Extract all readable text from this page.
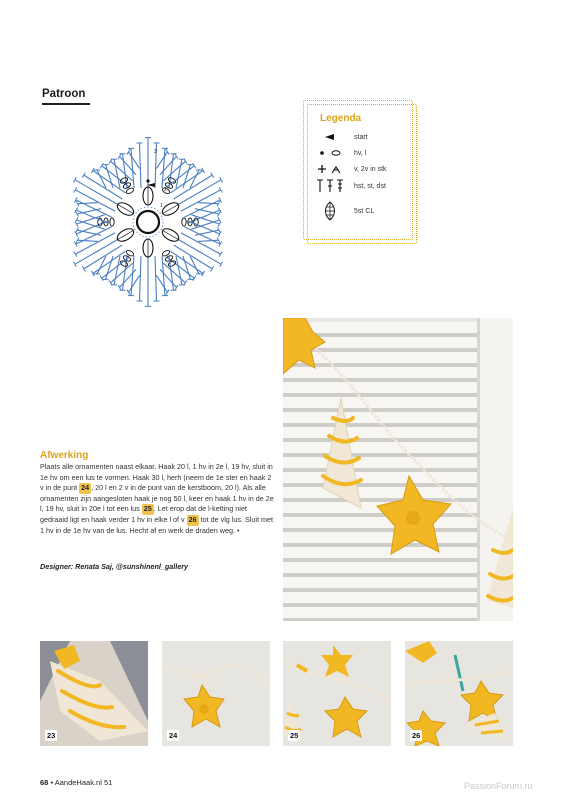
Patroon
3
2
1
Legenda
start
hv, l
v, 2v in stk
hst, st, dst
5st CL
Afwerking
Plaats alle ornamenten naast elkaar. Haak 20 l, 1 hv in 2e l, 19 hv, sluit in 1e hv om een lus te vormen. Haak 30 l, herh (neem de 1e ster en haak 2 v in de punt 24 , 20 l en 2 v in de punt van de kerstboom, 20 l). Als alle ornamenten zijn aangesloten haak je nog 50 l, keer en haak 1 hv in de 2e l, 19 hv, sluit in 20e l tot een lus 25 . Let erop dat de l-ketting niet gedraaid ligt en haak verder 1 hv in elke l of v 26 tot de vlg lus. Sluit met 1 hv in de 1e hv van de lus. Hecht af en werk de draden weg. •
Designer: Renata Saj, @sunshinenl_gallery
23	24	25	26
68 • AandeHaak.nl 51	PassionForum.ru
